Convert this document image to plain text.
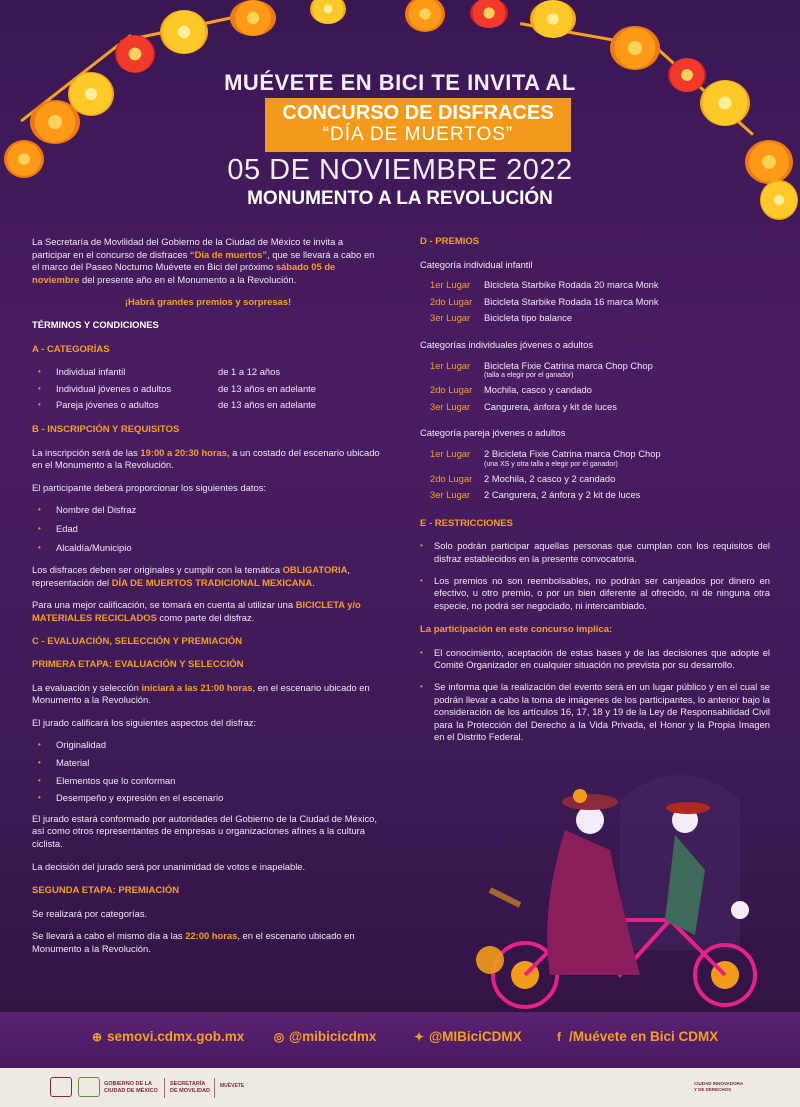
MUÉVETE EN BICI TE INVITA AL
CONCURSO DE DISFRACES
“DÍA DE MUERTOS”
05 DE NOVIEMBRE 2022
MONUMENTO A LA REVOLUCIÓN
La Secretaría de Movilidad del Gobierno de la Ciudad de México te invita a participar en el concurso de disfraces “Día de muertos”, que se llevará a cabo en el marco del Paseo Nocturno Muévete en Bici del próximo sábado 05 de noviembre del presente año en el Monumento a la Revolución.
¡Habrá grandes premios y sorpresas!
TÉRMINOS Y CONDICIONES
A - CATEGORÍAS
•	Individual infantil	de 1 a 12 años
•	Individual jóvenes o adultos	de 13 años en adelante
•	Pareja jóvenes o adultos	de 13 años en adelante
B - INSCRIPCIÓN Y REQUISITOS
La inscripción será de las 19:00 a 20:30 horas, a un costado del escenario ubicado en el Monumento a la Revolución.
El participante deberá proporcionar los siguientes datos:
•	Nombre del Disfraz
•	Edad
•	Alcaldía/Municipio
Los disfraces deben ser originales y cumplir con la temática OBLIGATORIA, representación del DÍA DE MUERTOS TRADICIONAL MEXICANA.
Para una mejor calificación, se tomará en cuenta al utilizar una BICICLETA y/o MATERIALES RECICLADOS como parte del disfraz.
C - EVALUACIÓN, SELECCIÓN Y PREMIACIÓN
PRIMERA ETAPA: EVALUACIÓN Y SELECCIÓN
La evaluación y selección iniciará a las 21:00 horas, en el escenario ubicado en Monumento a la Revolución.
El jurado calificará los siguientes aspectos del disfraz:
•	Originalidad
•	Material
•	Elementos que lo conforman
•	Desempeño y expresión en el escenario
El jurado estará conformado por autoridades del Gobierno de la Ciudad de México, así como otros representantes de empresas u organizaciones afines a la cultura ciclista.
La decisión del jurado será por unanimidad de votos e inapelable.
SEGUNDA ETAPA: PREMIACIÓN
Se realizará por categorías.
Se llevará a cabo el mismo día a las 22:00 horas, en el escenario ubicado en Monumento a la Revolución.
D - PREMIOS
Categoría individual infantil
1er Lugar	Bicicleta Starbike Rodada 20 marca Monk
2do Lugar	Bicicleta Starbike Rodada 16 marca Monk
3er Lugar	Bicicleta tipo balance
Categorías individuales jóvenes o adultos
1er Lugar	Bicicleta Fixie Catrina marca Chop Chop
(talla a elegir por el ganador)
2do Lugar	Mochila, casco y candado
3er Lugar	Cangurera, ánfora y kit de luces
Categoría pareja jóvenes o adultos
1er Lugar	2 Bicicleta Fixie Catrina marca Chop Chop
(una XS y otra talla a elegir por el ganador)
2do Lugar	2 Mochila, 2 casco y 2 candado
3er Lugar	2 Cangurera, 2 ánfora y 2 kit de luces
E - RESTRICCIONES
•	Solo podrán participar aquellas personas que cumplan con los requisitos del disfraz establecidos en la presente convocatoria.
•	Los premios no son reembolsables, no podrán ser canjeados por dinero en efectivo, u otro premio, o por un bien diferente al ofrecido, ni de ninguna otra especie, no podrá ser negociado, ni intercambiado.
La participación en este concurso implica:
•	El conocimiento, aceptación de estas bases y de las decisiones que adopte el Comité Organizador en cualquier situación no prevista por su desarrollo.
•	Se informa que la realización del evento será en un lugar público y en el cual se podrán llevar a cabo la toma de imágenes de los participantes, lo anterior bajo la consideración de los artículos 16, 17, 18 y 19 de la Ley de Responsabilidad Civil para la Protección del Derecho a la Vida Privada, el Honor y la Propia Imagen en el Distrito Federal.
⊕ semovi.cdmx.gob.mx ◎ @mibicicdmx	✦ @MIBiciCDMX	f /Muévete en Bici CDMX
GOBIERNO DE LA
CIUDAD DE MÉXICO
SECRETARÍA
DE MOVILIDAD
MUÉVETE	CIUDAD INNOVADORA
Y DE DERECHOS
